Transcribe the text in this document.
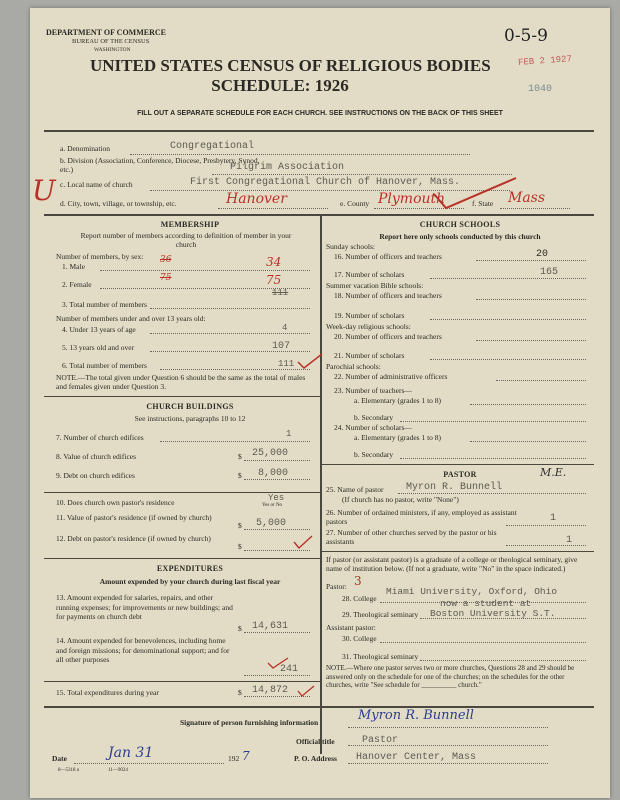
DEPARTMENT OF COMMERCE
BUREAU OF THE CENSUS
WASHINGTON
0-5-9
FEB 2 1927
1040
UNITED STATES CENSUS OF RELIGIOUS BODIES
SCHEDULE: 1926
FILL OUT A SEPARATE SCHEDULE FOR EACH CHURCH. SEE INSTRUCTIONS ON THE BACK OF THIS SHEET
U
a. Denomination	Congregational
b. Division (Association, Conference, Diocese, Presbytery, Synod, etc.)	Pilgrim Association
c. Local name of church	First Congregational Church of Hanover, Mass.
d. City, town, village, or township, etc.	Hanover	e. County Plymouth	f. State Mass
MEMBERSHIP
Report number of members according to definition of member in your church
Number of members, by sex:
1. Male
36	34
2. Female
75	75
3. Total number of members
111
Number of members under and over 13 years old:
4. Under 13 years of age	4
5. 13 years old and over	107
6. Total number of members	111
NOTE.—The total given under Question 6 should be the same as the total of males and females given under Question 3.
CHURCH BUILDINGS
See instructions, paragraphs 10 to 12
7. Number of church edifices	1
8. Value of church edifices	$ 25,000
9. Debt on church edifices	$ 8,000
10. Does church own pastor's residence	Yes
Yes or No
11. Value of pastor's residence (if owned by church)
$ 5,000
12. Debt on pastor's residence (if owned by church)
$
EXPENDITURES
Amount expended by your church during last fiscal year
13. Amount expended for salaries, repairs, and other running expenses; for improvements or new buildings; and for payments on church debt
$ 14,631
14. Amount expended for benevolences, including home and foreign missions; for denominational support; and for all other purposes
241
15. Total expenditures during year	$ 14,872
CHURCH SCHOOLS
Report here only schools conducted by this church
Sunday schools:
16. Number of officers and teachers	20
17. Number of scholars	165
Summer vacation Bible schools:
18. Number of officers and teachers
19. Number of scholars
Week-day religious schools:
20. Number of officers and teachers
21. Number of scholars
Parochial schools:
22. Number of administrative officers
23. Number of teachers—
a. Elementary (grades 1 to 8)
b. Secondary
24. Number of scholars—
a. Elementary (grades 1 to 8)
b. Secondary
PASTOR	M.E.
25. Name of pastor Myron R. Bunnell
(If church has no pastor, write "None")
26. Number of ordained ministers, if any, employed as assistant pastors	1
27. Number of other churches served by the pastor or his assistants	1
If pastor (or assistant pastor) is a graduate of a college or theological seminary, give name of institution below. (If not a graduate, write "No" in the space indicated.)
Pastor: 3
28. College
Miami University, Oxford, Ohio
now a student at
29. Theological seminary Boston University S.T.
Assistant pastor:
30. College
31. Theological seminary
NOTE.—Where one pastor serves two or more churches, Questions 28 and 29 should be answered only on the schedule for one of the churches; on the schedules for the other churches, write "See schedule for __________ church."
Signature of person furnishing information	Myron R. Bunnell
Official title	Pastor
Date	Jan 31	192 7
8—5318 a	11—9024
P. O. Address Hanover Center, Mass
